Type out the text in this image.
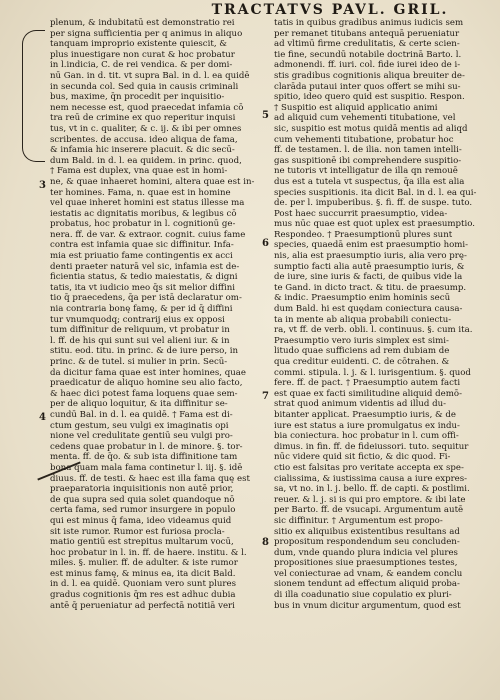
TRACTATVS PAVL. GRIL.
3
4
5
6
7
8
plenum, & indubitatū est demonstratio rei
per signa sufficientia per q animus in aliquo
tanquam improprio existente quiescit, &
plus inuestigare non curat & hoc probatur
in l.indicia, C. de rei vendica. & per domi-
nū Gan. in d. tit. vt supra Bal. in d. l. ea quidē
in secunda col. Sed quia in causis criminali
bus, maxime, q̄n procedit per inquisitio-
nem necesse est, quod praecedat infamia cō
tra reū de crimine ex quo reperitur inquisi
tus, vt in c. qualiter, & c. ij. & ibi per omnes
scribentes. de accusa. ideo aliqua de fama,
& infamia hic inserere placuit. & dic secū-
dum Bald. in d. l. ea quidem. in princ. quod,
† Fama est duplex, vna quae est in homi-
ne, & quae inhaeret homini, altera quae est in-
ter homines. Fama, n. quae est in homine
vel quae inheret homini est status illesse ma
iestatis ac dignitatis moribus, & legibus cō
probatus, hoc probatur in l. cognitionū ge-
nera. ff. de var. & extraor. cognit. cuius fame
contra est infamia quae sic diffinitur. Infa-
mia est priuatio fame contingentis ex acci
denti praeter naturā vel sic, infamia est de-
ficientia status, & tedio maiestatis, & digni
tatis, ita vt iudicio meo q̄s sit melior diffini
tio q̄ praecedens, q̄a per istā declaratur om-
nia contraria bonę famę, & per id q̄ diffini
tur vnumquodq; contrarij eius ex opposi
tum diffinitur de reliquum, vt probatur in
l. ff. de his qui sunt sui vel alieni iur. & in
stitu. eod. titu. in princ. & de iure perso, in
princ. & de tutel. si mulier in prin. Secū-
da dicitur fama quae est inter homines, quae
praedicatur de aliquo homine seu alio facto,
& haec dici potest fama loquens quae sem-
per de aliquo loquitur, & ita diffinitur se-
cundū Bal. in d. l. ea quidē. † Fama est di-
ctum gestum, seu vulgi ex imaginatis opi
nione vel credulitate gentiū seu vulgi pro-
cedens quae probatur in l. de minore. §. tor-
menta. ff. de q̄o. & sub ista diffinitione tam
bona quam mala fama continetur l. iij. §. idē
diuus. ff. de testi. & haec est illa fama quę est
praeparatoria inquisitionis non autē prior,
de qua supra sed quia solet quandoque nō
certa fama, sed rumor insurgere in populo
qui est minus q̄ fama, ideo videamus quid
sit iste rumor. Rumor est furiosa procla-
matio gentiū est strepitus multarum vocū,
hoc probatur in l. in. ff. de haere. institu. & l.
miles. §. mulier. ff. de adulter. & iste rumor
est minus famę, & minus ea, ita dicit Bald.
in d. l. ea quidē. Quoniam vero sunt plures
gradus cognitionis q̄m res est adhuc dubia
antē q̄ perueniatur ad perfectā notitiā veri
tatis in quibus gradibus animus iudicis sem
per remanet titubans antequā perueniatur
ad vltimū firme credulitatis, & certe scien-
tie fine, secundū notabile doctrinā Barto. l.
admonendi. ff. iuri. col. fide iurei ideo de i-
stis gradibus cognitionis aliqua breuiter de-
clarāda putaui inter quos offert se mihi su-
spitio, ideo quero quid est suspitio. Respon.
† Suspitio est aliquid applicatio animi
ad aliquid cum vehementi titubatione, vel
sic, suspitio est motus quidā mentis ad aliqd
cum vehementi titubatione, probatur hoc
ff. de testamen. l. de ilia. non tamen intelli-
gas suspitionē ibi comprehendere suspitio-
ne tutoris vt intelligatur de illa qn remouē
dus est a tutela vt suspectus, q̄a illa est alia
species suspitionis. ita dicit Bal. in d. l. ea qui-
de. per l. impuberibus. §. fi. ff. de suspe. tuto.
Post haec succurrit praesumptio, videa-
mus nūc quae est quot uplex est praesumptio.
Respondeo. † Praesumptionū plures sunt
species, quaedā enim est praesumptio homi-
nis, alia est praesumptio iuris, alia vero prę-
sumptio facti alia autē praesumptio iuris, &
de iure, sine iuris & facti, de quibus vide la
te Gand. in dicto tract. & titu. de praesump.
& indic. Praesumptio enim hominis secū
dum Bald. hi est quędam coniectura causa-
ta in mente ab aliqua probabili coniectu-
ra, vt ff. de verb. obli. l. continuus. §. cum ita.
Praesumptio vero iuris simplex est simi-
litudo quae sufficiens ad rem dubiam de
qua creditur euidenti. C. de cōtrahen. &
commi. stipula. l. j. & l. iurisgentium. §. quod
fere. ff. de pact. † Praesumptio autem facti
est quae ex facti similitudine aliquid demō-
strat quod animum videntis ad illud du-
bitanter applicat. Praesumptio iuris, & de
iure est status a iure promulgatus ex indu-
bia coniectura. hoc probatur in l. cum offi-
dimus. in fin. ff. de fideiussori. tuto. sequitur
nūc videre quid sit fictio, & dic quod. Fi-
ctio est falsitas pro veritate accepta ex spe-
cialissima, & iustissima causa a iure expres-
sa, vt no. in l. j. bello. ff. de capti. & postlimi.
reuer. & l. j. si is qui pro emptore. & ibi late
per Barto. ff. de vsucapi. Argumentum autē
sic diffinitur. † Argumentum est propo-
sitio ex aliquibus existentibus resultans ad
propositum respondendum seu concluden-
dum, vnde quando plura indicia vel plures
propositiones siue praesumptiones testes,
vel coniecturae ad vnam, & eandem conclu
sionem tendunt ad effectum aliquid proba-
di illa coadunatio siue copulatio ex pluri-
bus in vnum dicitur argumentum, quod est
